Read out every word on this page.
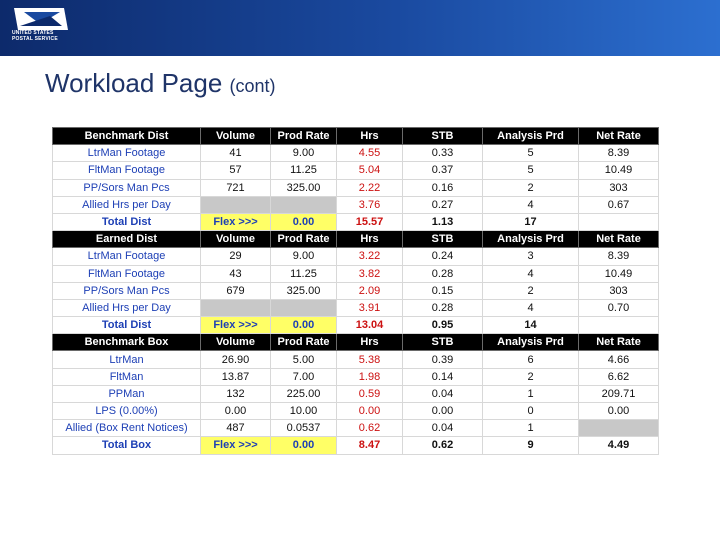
UNITED STATES
POSTAL SERVICE
Workload Page (cont)
Benchmark Dist	Volume	Prod Rate	Hrs	STB	Analysis Prd	Net Rate
LtrMan Footage	41	9.00	4.55	0.33	5	8.39
FltMan Footage	57	11.25	5.04	0.37	5	10.49
PP/Sors Man Pcs	721	325.00	2.22	0.16	2	303
Allied Hrs per Day			3.76	0.27	4	0.67
Total Dist	Flex >>>	0.00	15.57	1.13	17	
Earned Dist	Volume	Prod Rate	Hrs	STB	Analysis Prd	Net Rate
LtrMan Footage	29	9.00	3.22	0.24	3	8.39
FltMan Footage	43	11.25	3.82	0.28	4	10.49
PP/Sors Man Pcs	679	325.00	2.09	0.15	2	303
Allied Hrs per Day			3.91	0.28	4	0.70
Total Dist	Flex >>>	0.00	13.04	0.95	14	
Benchmark Box	Volume	Prod Rate	Hrs	STB	Analysis Prd	Net Rate
LtrMan	26.90	5.00	5.38	0.39	6	4.66
FltMan	13.87	7.00	1.98	0.14	2	6.62
PPMan	132	225.00	0.59	0.04	1	209.71
LPS (0.00%)	0.00	10.00	0.00	0.00	0	0.00
Allied (Box Rent Notices)	487	0.0537	0.62	0.04	1	
Total Box	Flex >>>	0.00	8.47	0.62	9	4.49
